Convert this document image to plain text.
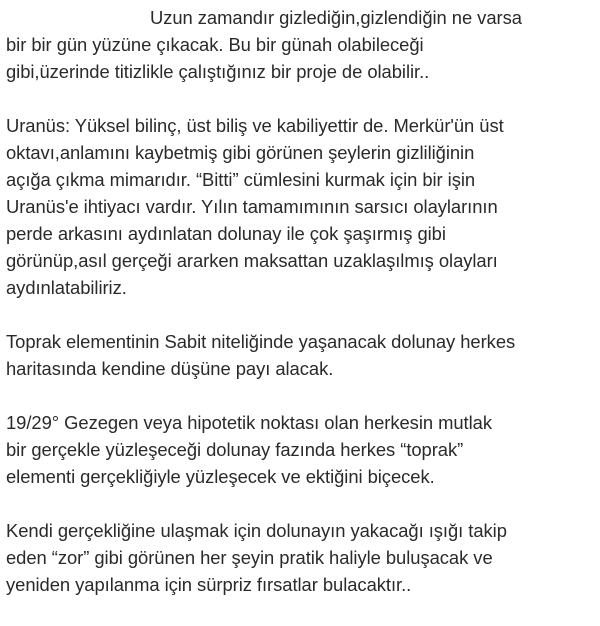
Uzun zamandır gizlediğin,gizlendiğin ne varsa
bir bir gün yüzüne çıkacak. Bu bir günah olabileceği
gibi,üzerinde titizlikle çalıştığınız bir proje de olabilir..

Uranüs: Yüksel bilinç, üst biliş ve kabiliyettir de. Merkür'ün üst
oktavı,anlamını kaybetmiş gibi görünen şeylerin gizliliğinin
açığa çıkma mimarıdır. “Bitti” cümlesini kurmak için bir işin
Uranüs'e ihtiyacı vardır. Yılın tamamımının sarsıcı olaylarının
perde arkasını aydınlatan dolunay ile çok şaşırmış gibi
görünüp,asıl gerçeği ararken maksattan uzaklaşılmış olayları
aydınlatabiliriz.

Toprak elementinin Sabit niteliğinde yaşanacak dolunay herkes
haritasında kendine düşüne payı alacak.

19/29° Gezegen veya hipotetik noktası olan herkesin mutlak
bir gerçekle yüzleşeceği dolunay fazında herkes “toprak”
elementi gerçekliğiyle yüzleşecek ve ektiğini biçecek.

Kendi gerçekliğine ulaşmak için dolunayın yakacağı ışığı takip
eden “zor” gibi görünen her şeyin pratik haliyle buluşacak ve
yeniden yapılanma için sürpriz fırsatlar bulacaktır..
